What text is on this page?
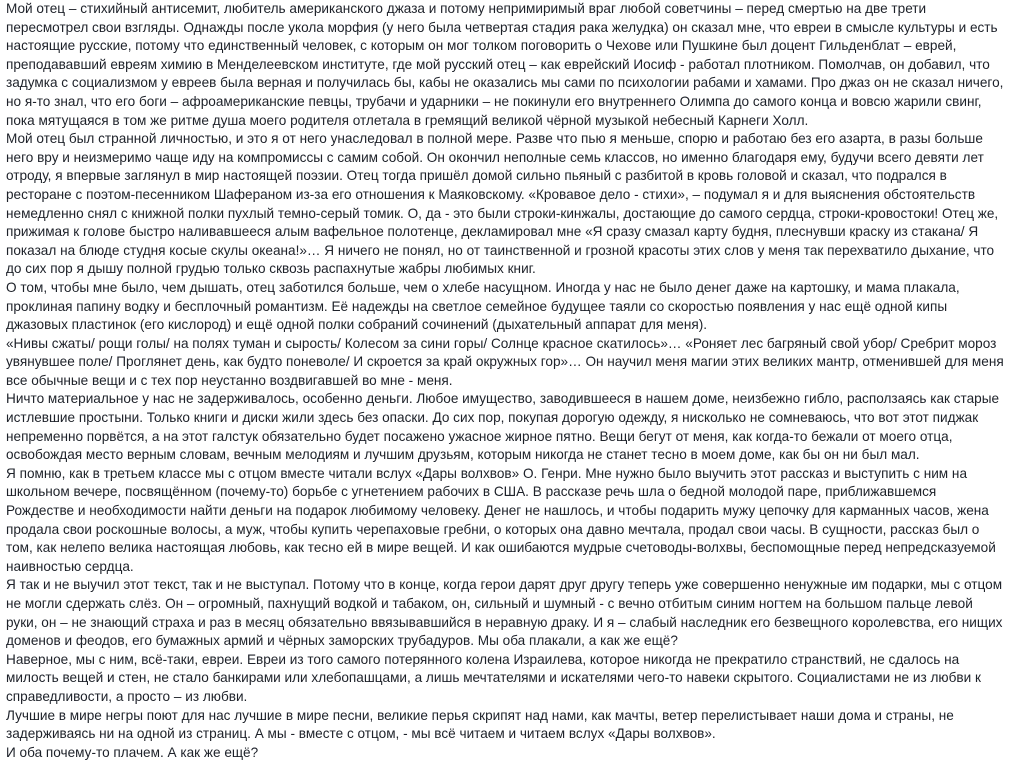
Мой отец – стихийный антисемит, любитель американского джаза и потому непримиримый враг любой советчины – перед смертью на две трети пересмотрел свои взгляды. Однажды после укола морфия (у него была четвертая стадия рака желудка) он сказал мне, что евреи в смысле культуры и есть настоящие русские, потому что единственный человек, с которым он мог толком поговорить о Чехове или Пушкине был доцент Гильденблат – еврей, преподававший евреям химию в Менделеевском институте, где мой русский отец – как еврейский Иосиф - работал плотником. Помолчав, он добавил, что задумка с социализмом у евреев была верная и получилась бы, кабы не оказались мы сами по психологии рабами и хамами. Про джаз он не сказал ничего, но я-то знал, что его боги – афроамериканские певцы, трубачи и ударники – не покинули его внутреннего Олимпа до самого конца и вовсю жарили свинг, пока мятущаяся в том же ритме душа моего родителя отлетала в гремящий великой чёрной музыкой небесный Карнеги Холл.

Мой отец был странной личностью, и это я от него унаследовал в полной мере. Разве что пью я меньше, спорю и работаю без его азарта, в разы больше него вру и неизмеримо чаще иду на компромиссы с самим собой. Он окончил неполные семь классов, но именно благодаря ему, будучи всего девяти лет отроду, я впервые заглянул в мир настоящей поэзии. Отец тогда пришёл домой сильно пьяный с разбитой в кровь головой и сказал, что подрался в ресторане с поэтом-песенником Шафераном из-за его отношения к Маяковскому. «Кровавое дело - стихи», – подумал я и для выяснения обстоятельств немедленно снял с книжной полки пухлый темно-серый томик. О, да - это были строки-кинжалы, достающие до самого сердца, строки-кровостоки! Отец же, прижимая к голове быстро наливавшееся алым вафельное полотенце, декламировал мне «Я сразу смазал карту будня, плеснувши краску из стакана/ Я показал на блюде студня косые скулы океана!»… Я ничего не понял, но от таинственной и грозной красоты этих слов у меня так перехватило дыхание, что до сих пор я дышу полной грудью только сквозь распахнутые жабры любимых книг.

О том, чтобы мне было, чем дышать, отец заботился больше, чем о хлебе насущном. Иногда у нас не было денег даже на картошку, и мама плакала, проклиная папину водку и бесплочный романтизм. Её надежды на светлое семейное будущее таяли со скоростью появления у нас ещё одной кипы джазовых пластинок (его кислород) и ещё одной полки собраний сочинений (дыхательный аппарат для меня).

«Нивы сжаты/ рощи голы/ на полях туман и сырость/ Колесом за сини горы/ Солнце красное скатилось»… «Роняет лес багряный свой убор/ Сребрит мороз увянувшее поле/ Проглянет день, как будто поневоле/ И скроется за край окружных гор»… Он научил меня магии этих великих мантр, отменившей для меня все обычные вещи и с тех пор неустанно воздвигавшей во мне - меня.

Ничто материальное у нас не задерживалось, особенно деньги. Любое имущество, заводившееся в нашем доме, неизбежно гибло, расползаясь как старые истлевшие простыни. Только книги и диски жили здесь без опаски. До сих пор, покупая дорогую одежду, я нисколько не сомневаюсь, что вот этот пиджак непременно порвётся, а на этот галстук обязательно будет посажено ужасное жирное пятно. Вещи бегут от меня, как когда-то бежали от моего отца, освобождая место верным словам, вечным мелодиям и лучшим друзьям, которым никогда не станет тесно в моем доме, как бы он ни был мал.

Я помню, как в третьем классе мы с отцом вместе читали вслух «Дары волхвов» О. Генри. Мне нужно было выучить этот рассказ и выступить с ним на школьном вечере, посвящённом (почему-то) борьбе с угнетением рабочих в США. В рассказе речь шла о бедной молодой паре, приближавшемся Рождестве и необходимости найти деньги на подарок любимому человеку. Денег не нашлось, и чтобы подарить мужу цепочку для карманных часов, жена продала свои роскошные волосы, а муж, чтобы купить черепаховые гребни, о которых она давно мечтала, продал свои часы. В сущности, рассказ был о том, как нелепо велика настоящая любовь, как тесно ей в мире вещей. И как ошибаются мудрые счетоводы-волхвы, беспомощные перед непредсказуемой наивностью сердца.

Я так и не выучил этот текст, так и не выступал. Потому что в конце, когда герои дарят друг другу теперь уже совершенно ненужные им подарки, мы с отцом не могли сдержать слёз. Он – огромный, пахнущий водкой и табаком, он, сильный и шумный - с вечно отбитым синим ногтем на большом пальце левой руки, он – не знающий страха и раз в месяц обязательно ввязывавшийся в неравную драку. И я – слабый наследник его безвещного королевства, его нищих доменов и феодов, его бумажных армий и чёрных заморских трубадуров. Мы оба плакали, а как же ещё?

Наверное, мы с ним, всё-таки, евреи. Евреи из того самого потерянного колена Израилева, которое никогда не прекратило странствий, не сдалось на милость вещей и стен, не стало банкирами или хлебопашцами, а лишь мечтателями и искателями чего-то навеки скрытого. Социалистами не из любви к справедливости, а просто – из любви.

Лучшие в мире негры поют для нас лучшие в мире песни, великие перья скрипят над нами, как мачты, ветер перелистывает наши дома и страны, не задерживаясь ни на одной из страниц. А мы - вместе с отцом, - мы всё читаем и читаем вслух «Дары волхвов».

И оба почему-то плачем. А как же ещё?
